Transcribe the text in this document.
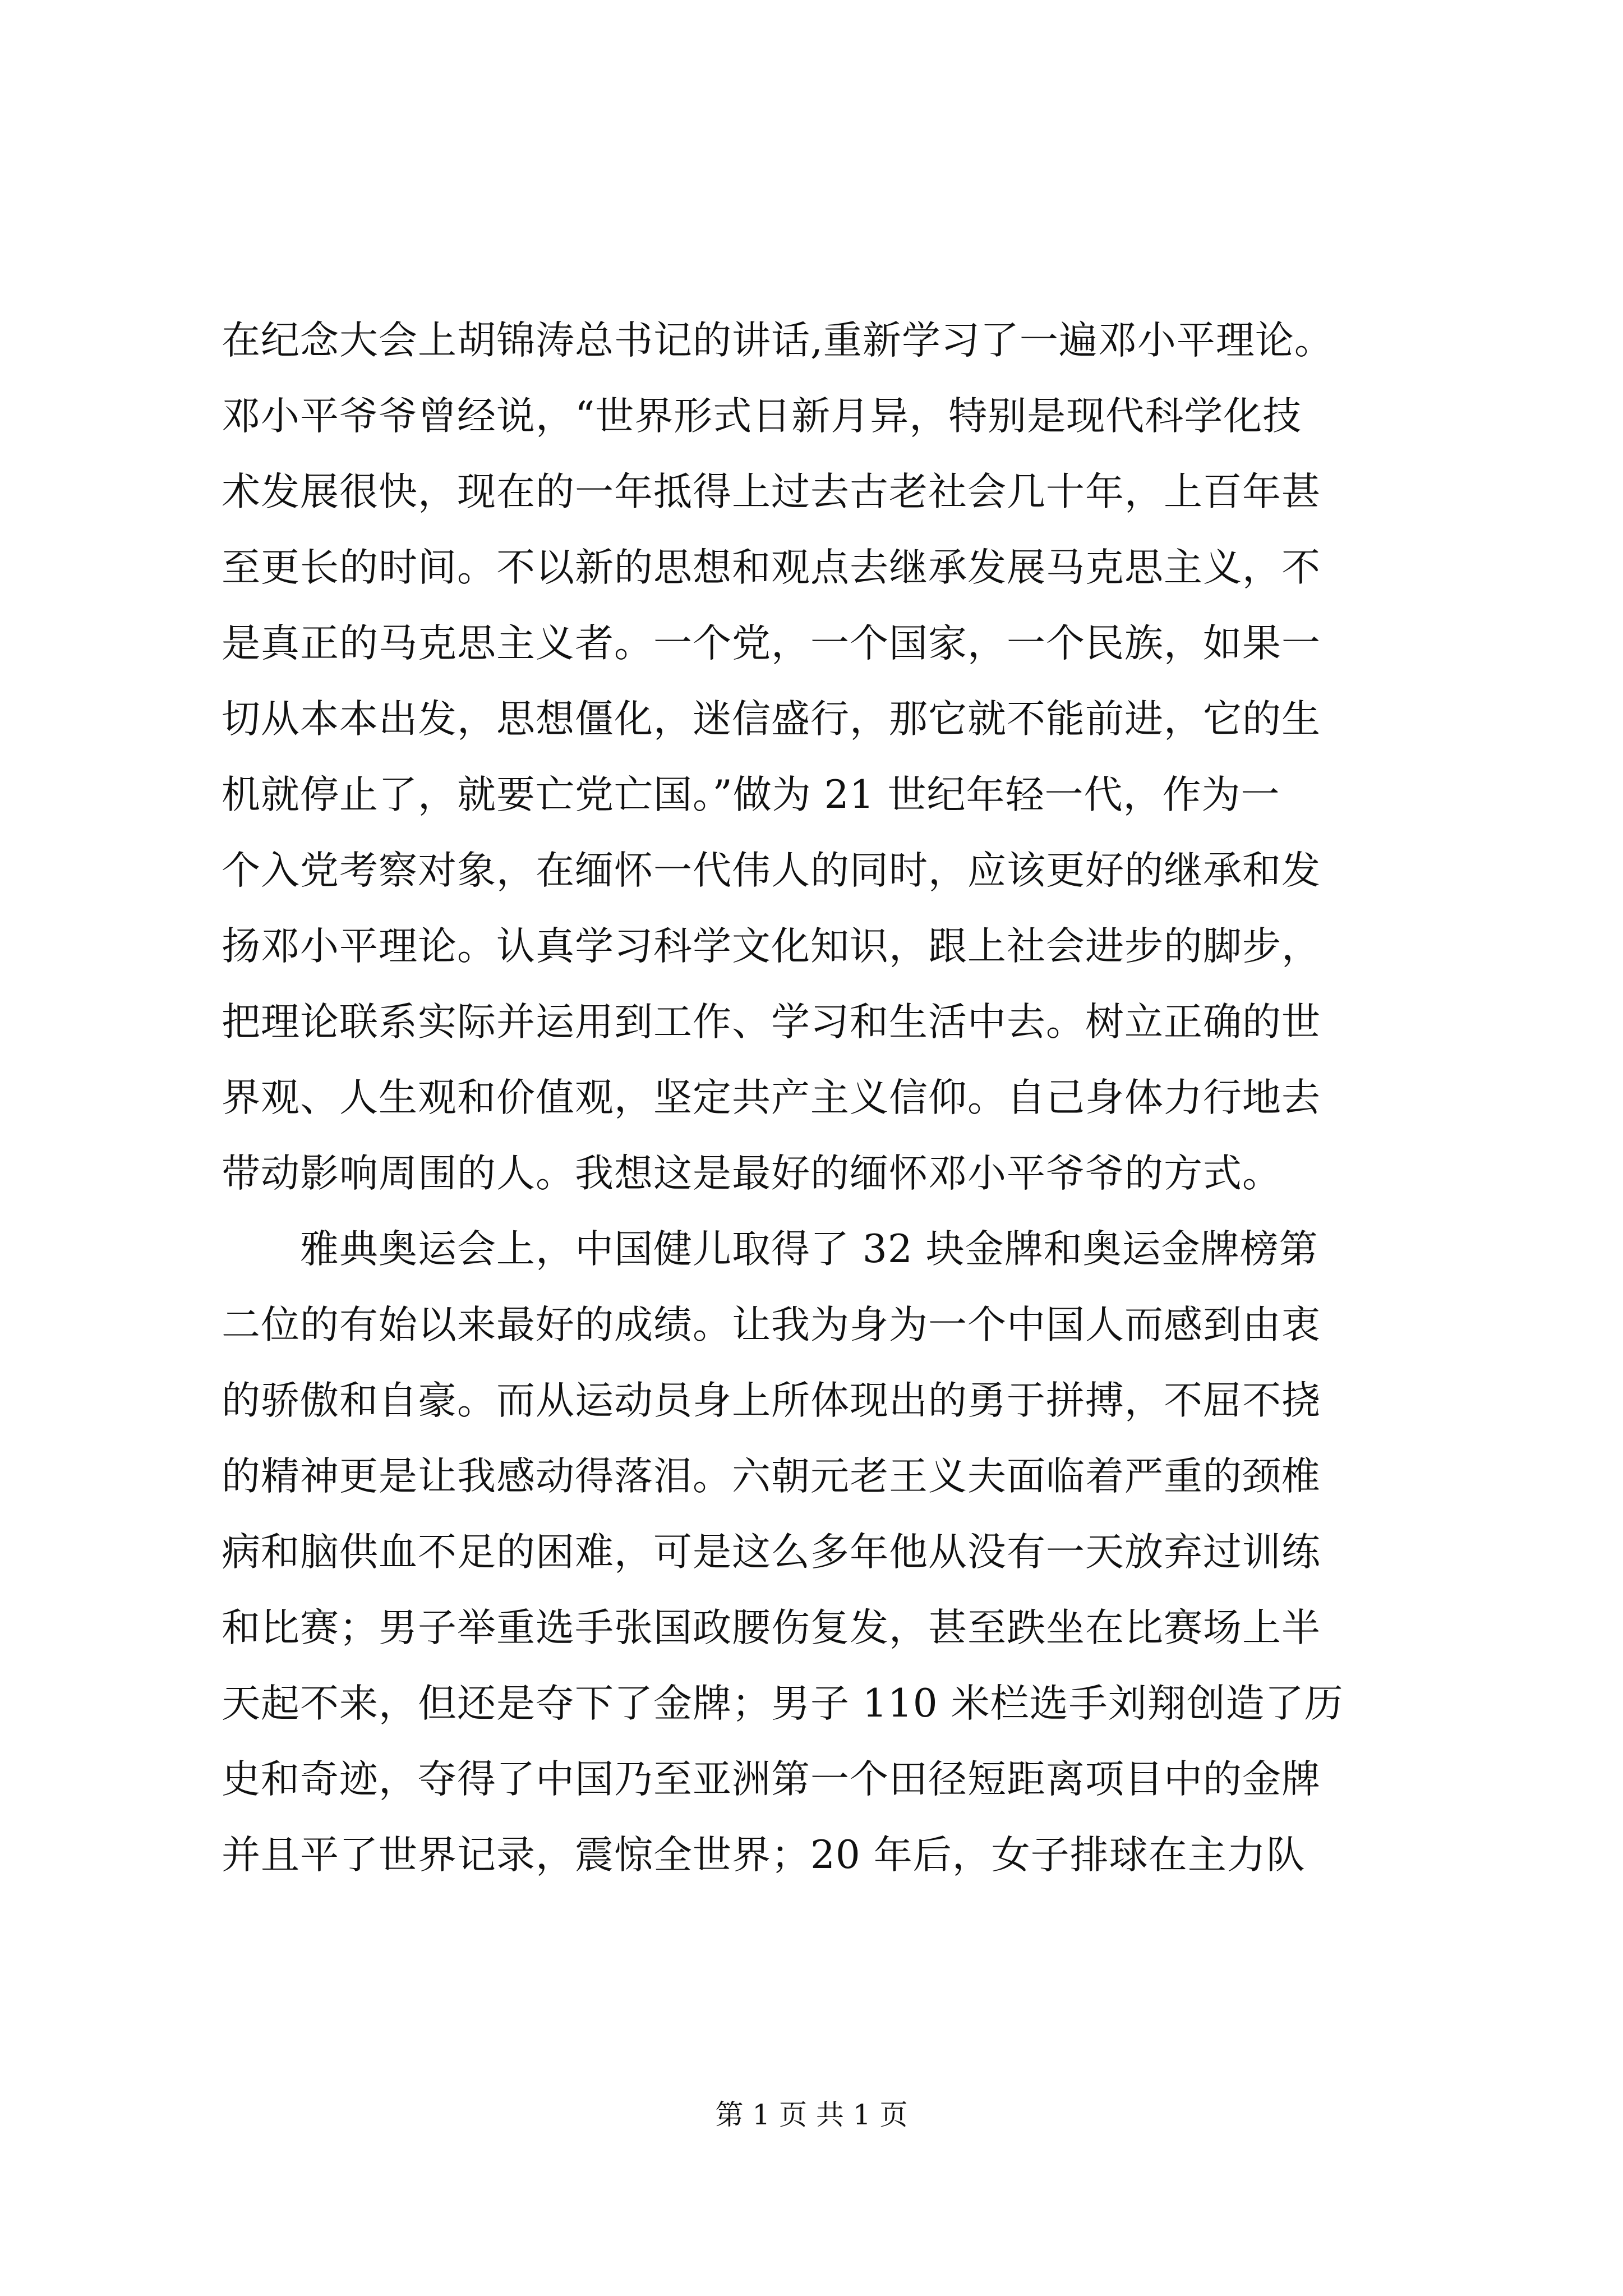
在纪念大会上胡锦涛总书记的讲话,重新学习了一遍邓小平理论。
邓小平爷爷曾经说，“世界形式日新月异，特别是现代科学化技
术发展很快，现在的一年抵得上过去古老社会几十年，上百年甚
至更长的时间。不以新的思想和观点去继承发展马克思主义，不
是真正的马克思主义者。一个党，一个国家，一个民族，如果一
切从本本出发，思想僵化，迷信盛行，那它就不能前进，它的生
机就停止了，就要亡党亡国。”做为 21 世纪年轻一代，作为一
个入党考察对象，在缅怀一代伟人的同时，应该更好的继承和发
扬邓小平理论。认真学习科学文化知识，跟上社会进步的脚步，
把理论联系实际并运用到工作、学习和生活中去。树立正确的世
界观、人生观和价值观，坚定共产主义信仰。自己身体力行地去
带动影响周围的人。我想这是最好的缅怀邓小平爷爷的方式。
　　雅典奥运会上，中国健儿取得了 32 块金牌和奥运金牌榜第
二位的有始以来最好的成绩。让我为身为一个中国人而感到由衷
的骄傲和自豪。而从运动员身上所体现出的勇于拼搏，不屈不挠
的精神更是让我感动得落泪。六朝元老王义夫面临着严重的颈椎
病和脑供血不足的困难，可是这么多年他从没有一天放弃过训练
和比赛；男子举重选手张国政腰伤复发，甚至跌坐在比赛场上半
天起不来，但还是夺下了金牌；男子 110 米栏选手刘翔创造了历
史和奇迹，夺得了中国乃至亚洲第一个田径短距离项目中的金牌
并且平了世界记录，震惊全世界；20 年后，女子排球在主力队
第 1 页 共 1 页
